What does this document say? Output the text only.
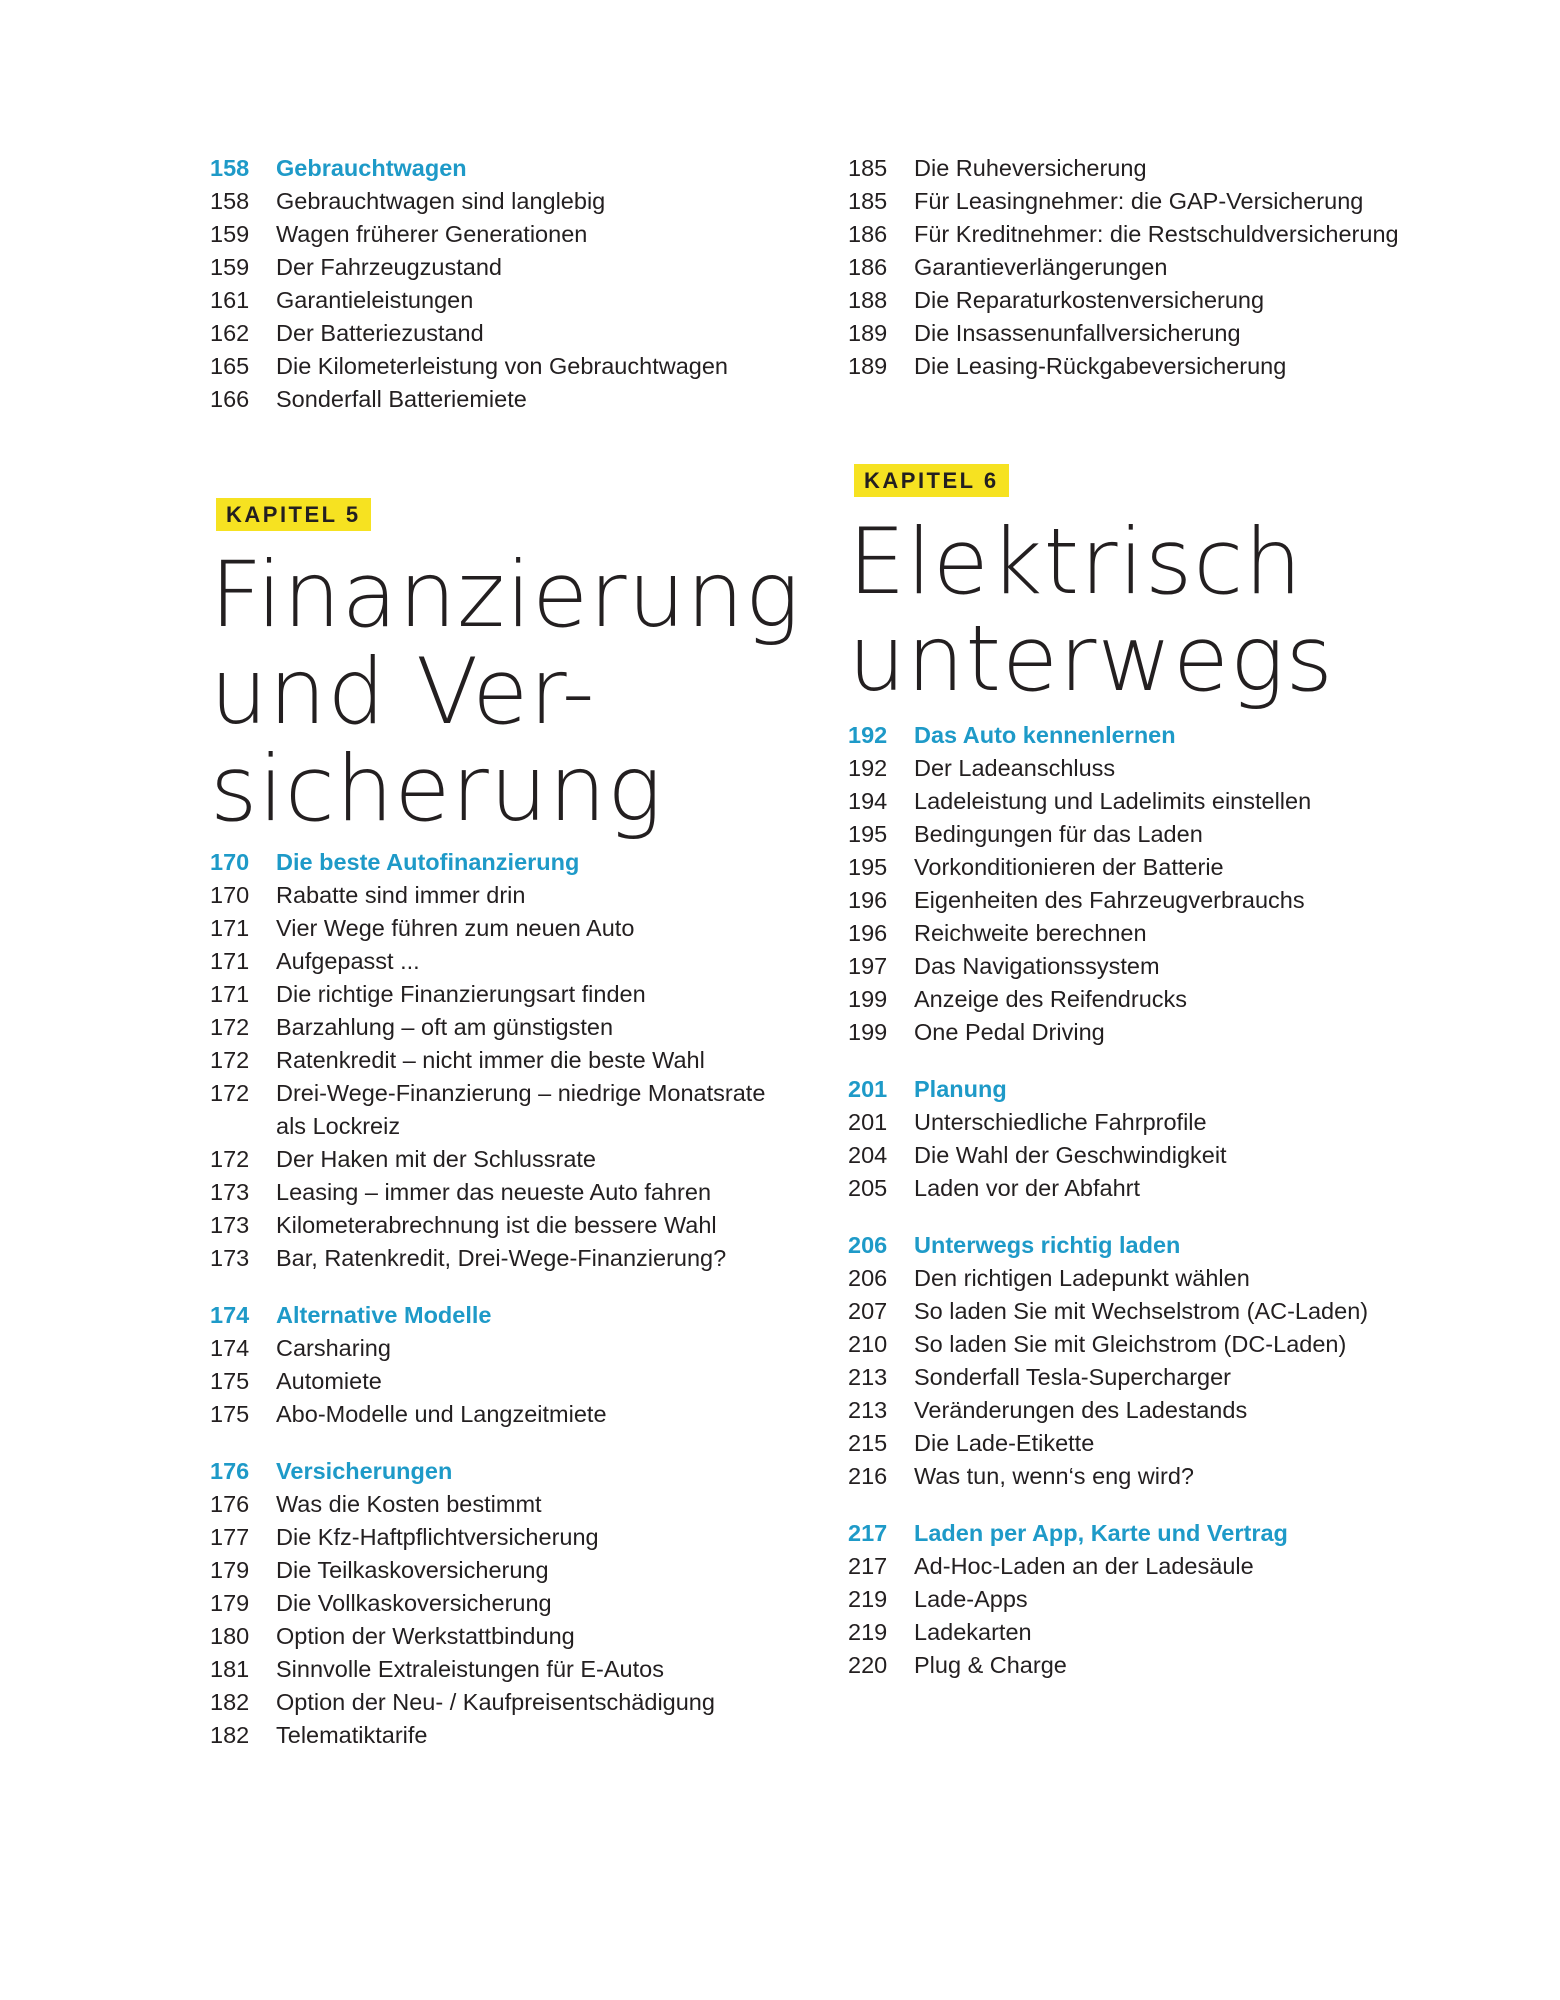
158	Gebrauchtwagen
158	Gebrauchtwagen sind langlebig
159	Wagen früherer Generationen
159	Der Fahrzeugzustand
161	Garantieleistungen
162	Der Batteriezustand
165	Die Kilometerleistung von Gebrauchtwagen
166	Sonderfall Batteriemiete
185	Die Ruheversicherung
185	Für Leasingnehmer: die GAP-Versicherung
186	Für Kreditnehmer: die Restschuldversicherung
186	Garantieverlängerungen
188	Die Reparaturkostenversicherung
189	Die Insassenunfallversicherung
189	Die Leasing-Rückgabeversicherung
KAPITEL 5
Finanzierung
und Ver-
sicherung
170	Die beste Autofinanzierung
170	Rabatte sind immer drin
171	Vier Wege führen zum neuen Auto
171	Aufgepasst ...
171	Die richtige Finanzierungsart finden
172	Barzahlung – oft am günstigsten
172	Ratenkredit – nicht immer die beste Wahl
172	Drei-Wege-Finanzierung – niedrige Monatsrate als Lockreiz
172	Der Haken mit der Schlussrate
173	Leasing – immer das neueste Auto fahren
173	Kilometerabrechnung ist die bessere Wahl
173	Bar, Ratenkredit, Drei-Wege-Finanzierung?
174	Alternative Modelle
174	Carsharing
175	Automiete
175	Abo-Modelle und Langzeitmiete
176	Versicherungen
176	Was die Kosten bestimmt
177	Die Kfz-Haftpflichtversicherung
179	Die Teilkaskoversicherung
179	Die Vollkaskoversicherung
180	Option der Werkstattbindung
181	Sinnvolle Extraleistungen für E-Autos
182	Option der Neu- / Kaufpreisentschädigung
182	Telematiktarife
KAPITEL 6
Elektrisch
unterwegs
192	Das Auto kennenlernen
192	Der Ladeanschluss
194	Ladeleistung und Ladelimits einstellen
195	Bedingungen für das Laden
195	Vorkonditionieren der Batterie
196	Eigenheiten des Fahrzeugverbrauchs
196	Reichweite berechnen
197	Das Navigationssystem
199	Anzeige des Reifendrucks
199	One Pedal Driving
201	Planung
201	Unterschiedliche Fahrprofile
204	Die Wahl der Geschwindigkeit
205	Laden vor der Abfahrt
206	Unterwegs richtig laden
206	Den richtigen Ladepunkt wählen
207	So laden Sie mit Wechselstrom (AC-Laden)
210	So laden Sie mit Gleichstrom (DC-Laden)
213	Sonderfall Tesla-Supercharger
213	Veränderungen des Ladestands
215	Die Lade-Etikette
216	Was tun, wenn‘s eng wird?
217	Laden per App, Karte und Vertrag
217	Ad-Hoc-Laden an der Ladesäule
219	Lade-Apps
219	Ladekarten
220	Plug & Charge
